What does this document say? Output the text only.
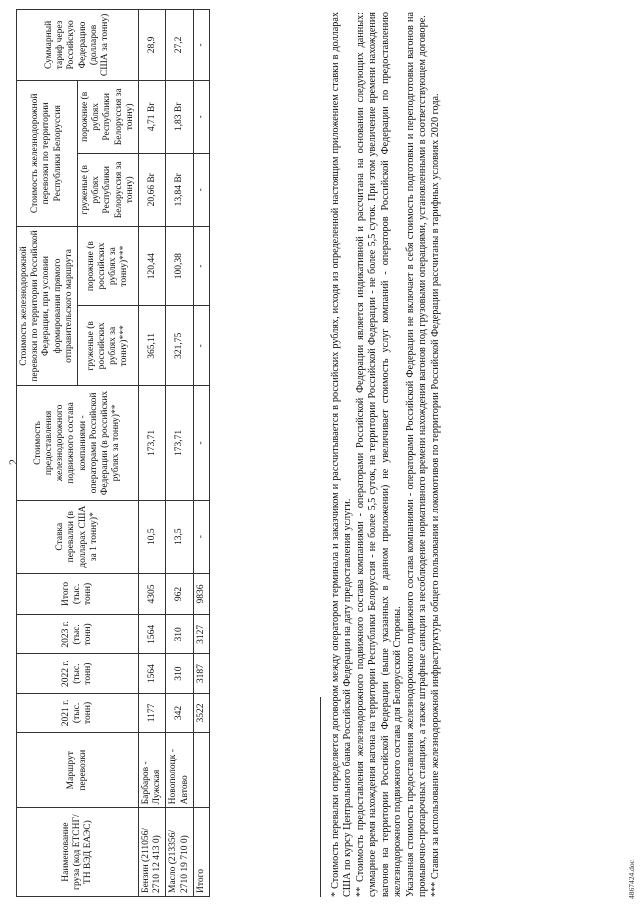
2
Наименование груза (код ЕТСНГ/ ТН ВЭД ЕАЭС)	Маршрут перевозки	2021 г. (тыс. тонн)	2022 г. (тыс. тонн)	2023 г. (тыс. тонн)	Итого (тыс. тонн)	Ставка перевалки (в долларах США за 1 тонну)*	Стоимость предоставления железнодорожного подвижного состава компаниями - операторами Российской Федерации (в российских рублях за тонну)**	Стоимость железнодорожной перевозки по территории Российской Федерации, при условии формирования прямого отправительского маршрута		Стоимость железнодорожной перевозки по территории Республики Белоруссия		Суммарный тариф через Российскую Федерацию (долларов США за тонну)
								груженые (в российских рублях за тонну)***	порожние (в российских рублях за тонну)***	груженые (в рублях Республики Белоруссия за тонну)	порожние (в рублях Республики Белоруссия за тонну)	
Бензин (211056/ 2710 12 413 0)	Барбаров - Лужская	1177	1564	1564	4305	10,5	173,71	365,11	120,44	20,66 Br	4,71 Br	28,9
Масло (213356/ 2710 19 710 0)	Новополоцк - Автово	342	310	310	962	13,5	173,71	321,75	100,38	13,84 Br	1,83 Br	27,2
Итого		3522	3187	3127	9836	-	-	-	-	-	-	-	* Стоимость перевалки определяется договором между оператором терминала и заказчиком и рассчитывается в российских рублях, исходя из определенной настоящим приложением ставки в долларах США по курсу Центрального банка Российской Федерации на дату предоставления услуги. ** Стоимость предоставления железнодорожного подвижного состава компаниями - операторами Российской Федерации является индикативной и рассчитана на основании следующих данных: суммарное время нахождения вагона на территории Республики Белоруссия - не более 5,5 суток, на территории Российской Федерации - не более 5,5 суток. При этом увеличение времени нахождения вагонов на территории Российской Федерации (выше указанных в данном приложении) не увеличивает стоимость услуг компаний - операторов Российской Федерации по предоставлению железнодорожного подвижного состава для Белорусской Стороны. Указанная стоимость предоставления железнодорожного подвижного состава компаниями - операторами Российской Федерации не включает в себя стоимость подготовки и переподготовки вагонов на промывочно-пропарочных станциях, а также штрафные санкции за несоблюдение нормативного времени нахождения вагонов под грузовыми операциями, установленными в соответствующем договоре. *** Ставки за использование железнодорожной инфраструктуры общего пользования и локомотивов по территории Российской Федерации рассчитаны в тарифных условиях 2020 года.	4867424.doc
